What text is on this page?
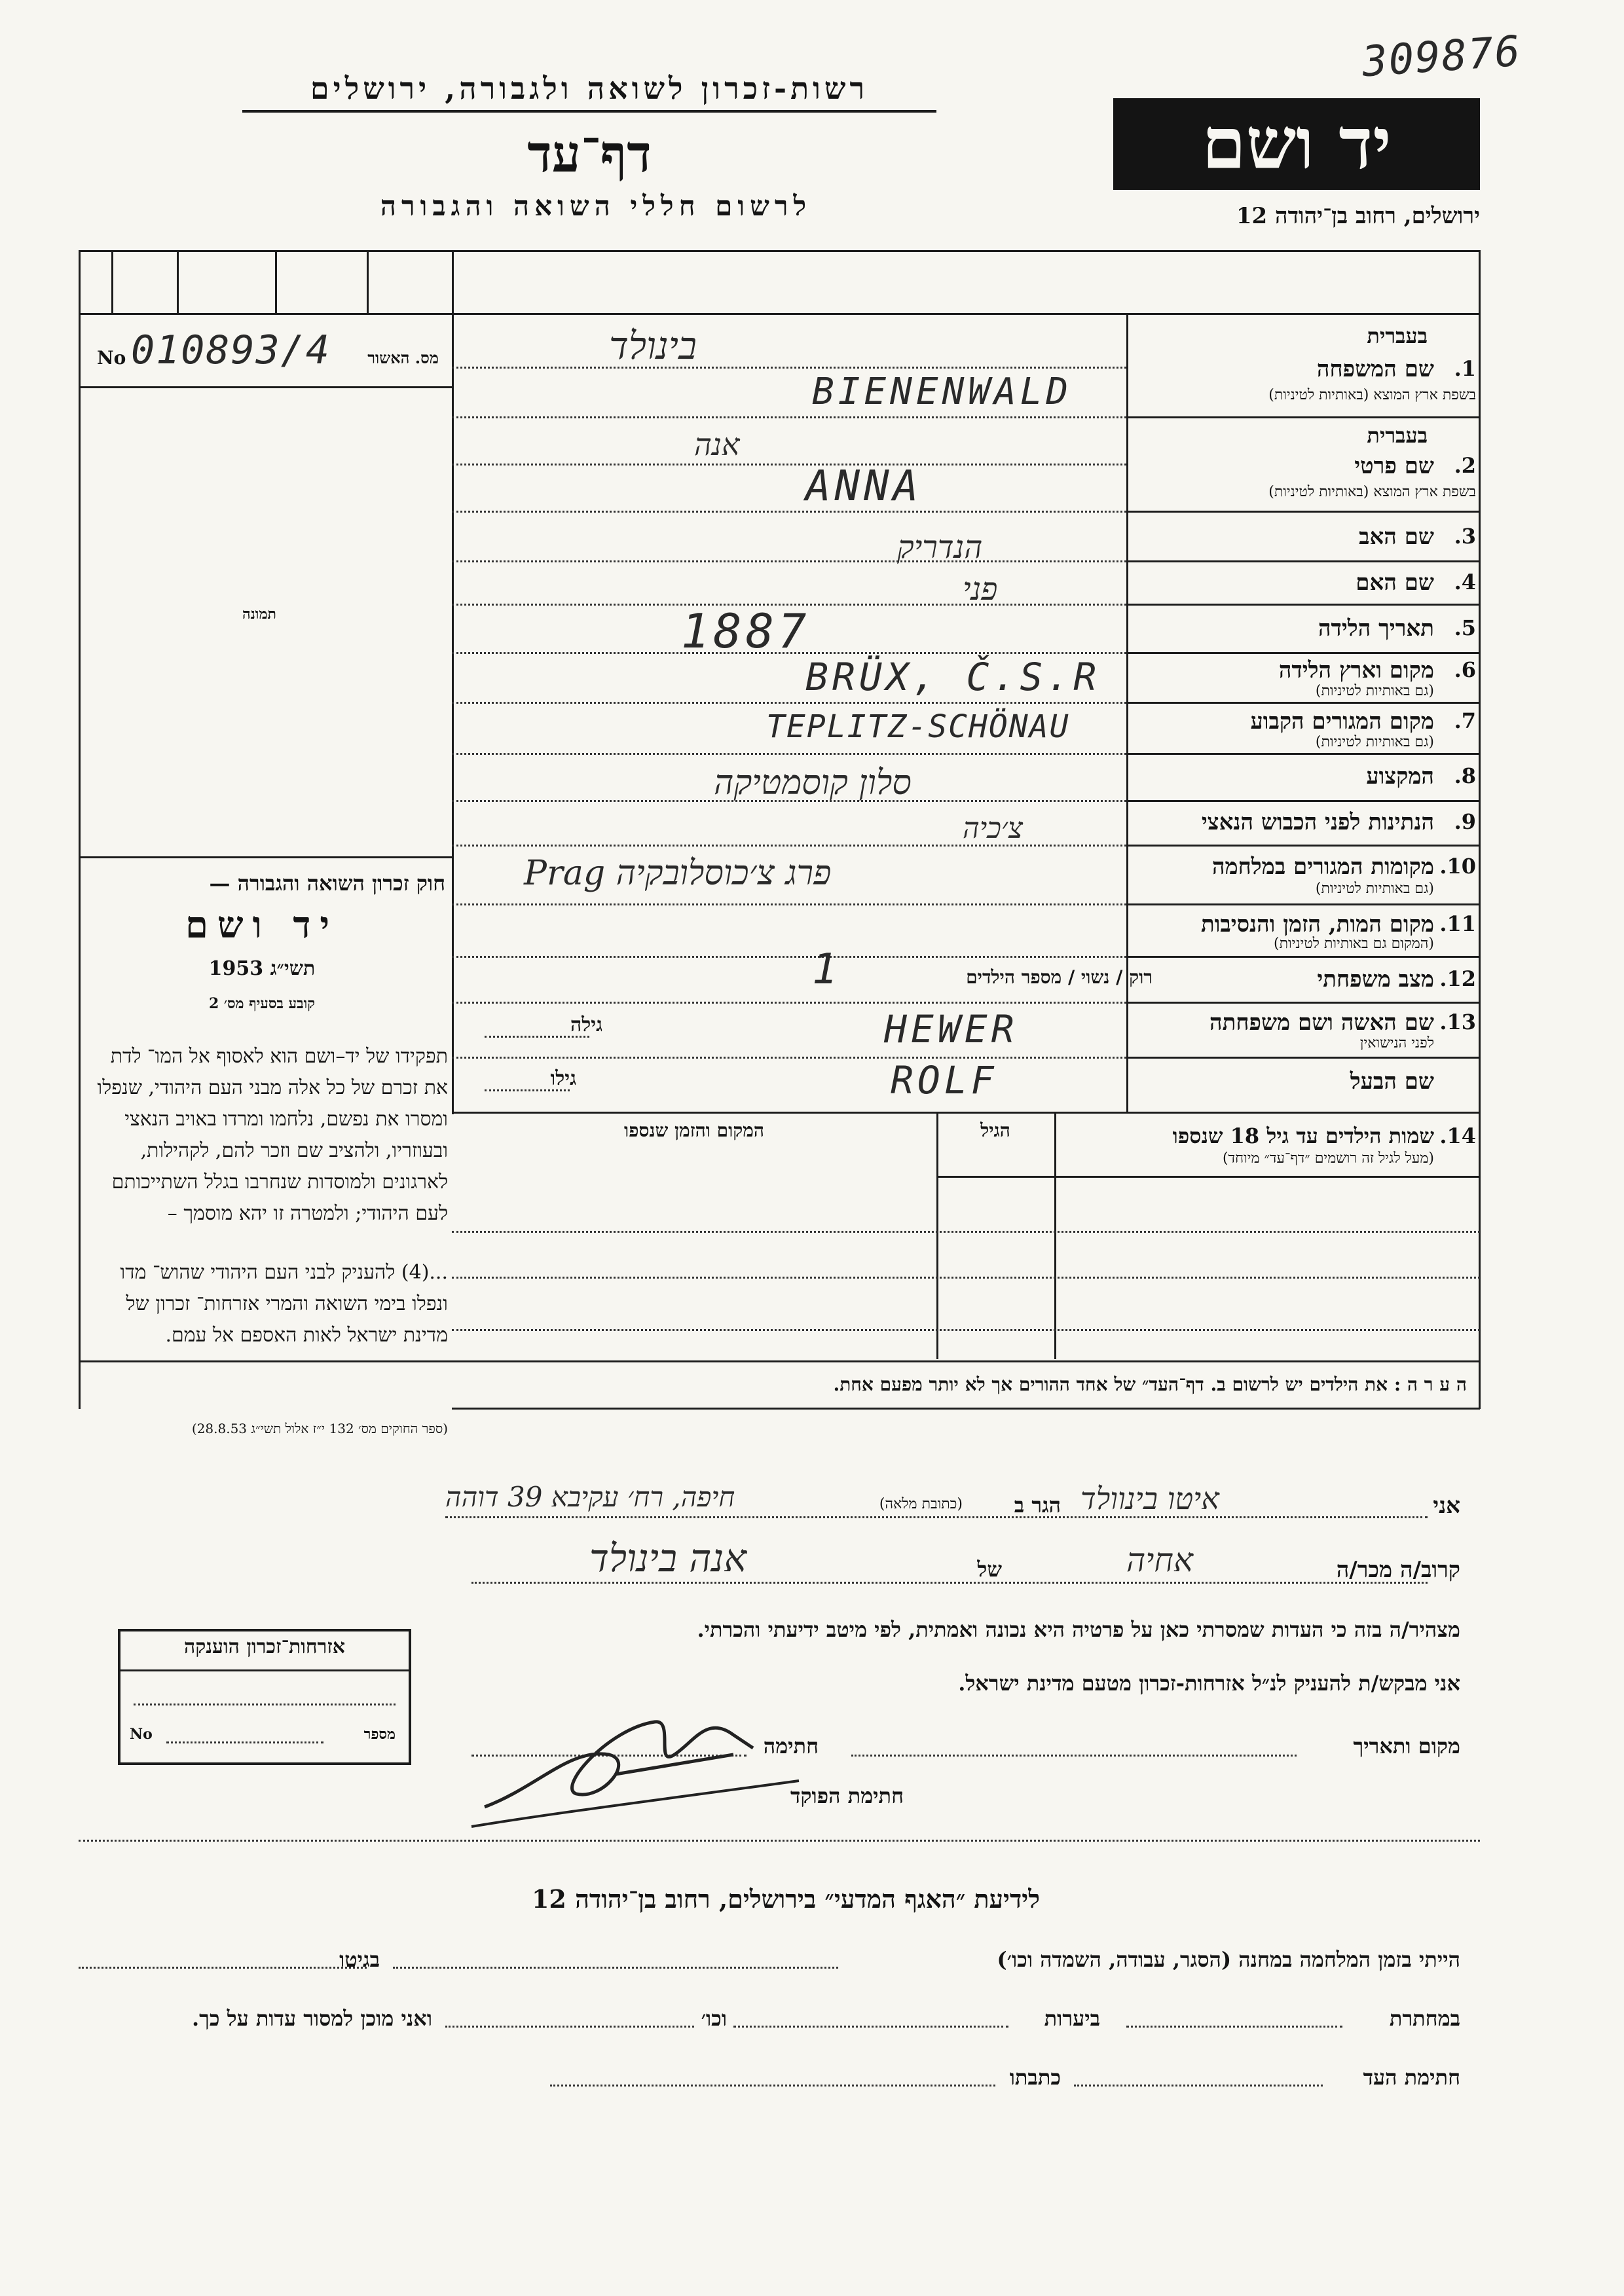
רשות-זכרון לשואה ולגבורה, ירושלים
דף־עד
לרשום חללי השואה והגבורה
309876
יד ושם
ירושלים, רחוב בן־יהודה 12
מס. האשור
No 010893/4
תמונה
חוק זכרון השואה והגבורה —
יד ושם
תשי״ג 1953
קובע בסעיף מס׳ 2
תפקידו של יד–ושם הוא לאסוף אל המו־ לדת את זכרם של כל אלה מבני העם היהודי, שנפלו ומסרו את נפשם, נלחמו ומרדו באויב הנאצי ובעוזריו, ולהציב שם וזכר להם, לקהילות, לארגונים ולמוסדות שנחרבו בגלל השתייכותם לעם היהודי; ולמטרה זו יהא מוסמך –
...(4) להעניק לבני העם היהודי שהוש־ מדו ונפלו בימי השואה והמרי אזרחות־ זכרון של מדינת ישראל לאות האספם אל עמם.
(ספר החוקים מס׳ 132 י״ז אלול תשי״ג 28.8.53)
בעברית
1.
שם המשפחה
בשפת ארץ המוצא (באותיות לטיניות)
בעברית
2.
שם פרטי
בשפת ארץ המוצא (באותיות לטיניות)
3.
שם האב
4.
שם האם
5.
תאריך הלידה
6.
מקום וארץ הלידה
(גם באותיות לטיניות)
7.
מקום המגורים הקבוע
(גם באותיות לטיניות)
8.
המקצוע
9.
הנתינות לפני הכבוש הנאצי
10.
מקומות המגורים במלחמה
(גם באותיות לטיניות)
11.
מקום המות, הזמן והנסיבות
(המקום גם באותיות לטיניות)
12.
מצב משפחתי
13.
שם האשה ושם משפחתה
לפני הנישואין
שם הבעל
בינולד
BIENENWALD
אנה
ANNA
הנדריק
פני
1887
BRÜX, Č.S.R
TEPLITZ-SCHÖNAU
סלון קוסמטיקה
צ׳כיה
פרג צ׳כוסלובקיה Prag
רוק / נשוי / מספר הילדים
1
HEWER
גילה
ROLF
גילו
14.
שמות הילדים עד גיל 18 שנספו
(מעל לגיל זה רושמים ״דף־עד״ מיוחד)
הגיל
המקום והזמן שנספו
ה ע ר ה : את הילדים יש לרשום ב. דף־העד״ של אחד ההורים אך לא יותר מפעם אחת.
אני
איטו בינוולד
הגר ב
(כתובת מלאה)
חיפה, רח׳ עקיבא 39 דוהה
קרוב/ה מכר/ה
אחיה
של
אנה בינולד
מצהיר/ה בזה כי העדות שמסרתי כאן על פרטיה היא נכונה ואמתית, לפי מיטב ידיעתי והכרתי.
אני מבקש/ת להעניק לנ״ל אזרחות-זכרון מטעם מדינת ישראל.
מקום ותאריך
חתימה
חתימת הפוקד
אזרחות־זכרון הוענקה
מספר
No
לידיעת ״האגף המדעי״ בירושלים, רחוב בן־יהודה 12
הייתי בזמן המלחמה במחנה (הסגר, עבודה, השמדה וכו׳)
בגיטו
במחתרת
ביערות
וכו׳
ואני מוכן למסור עדות על כך.
חתימת העד
כתבתו
